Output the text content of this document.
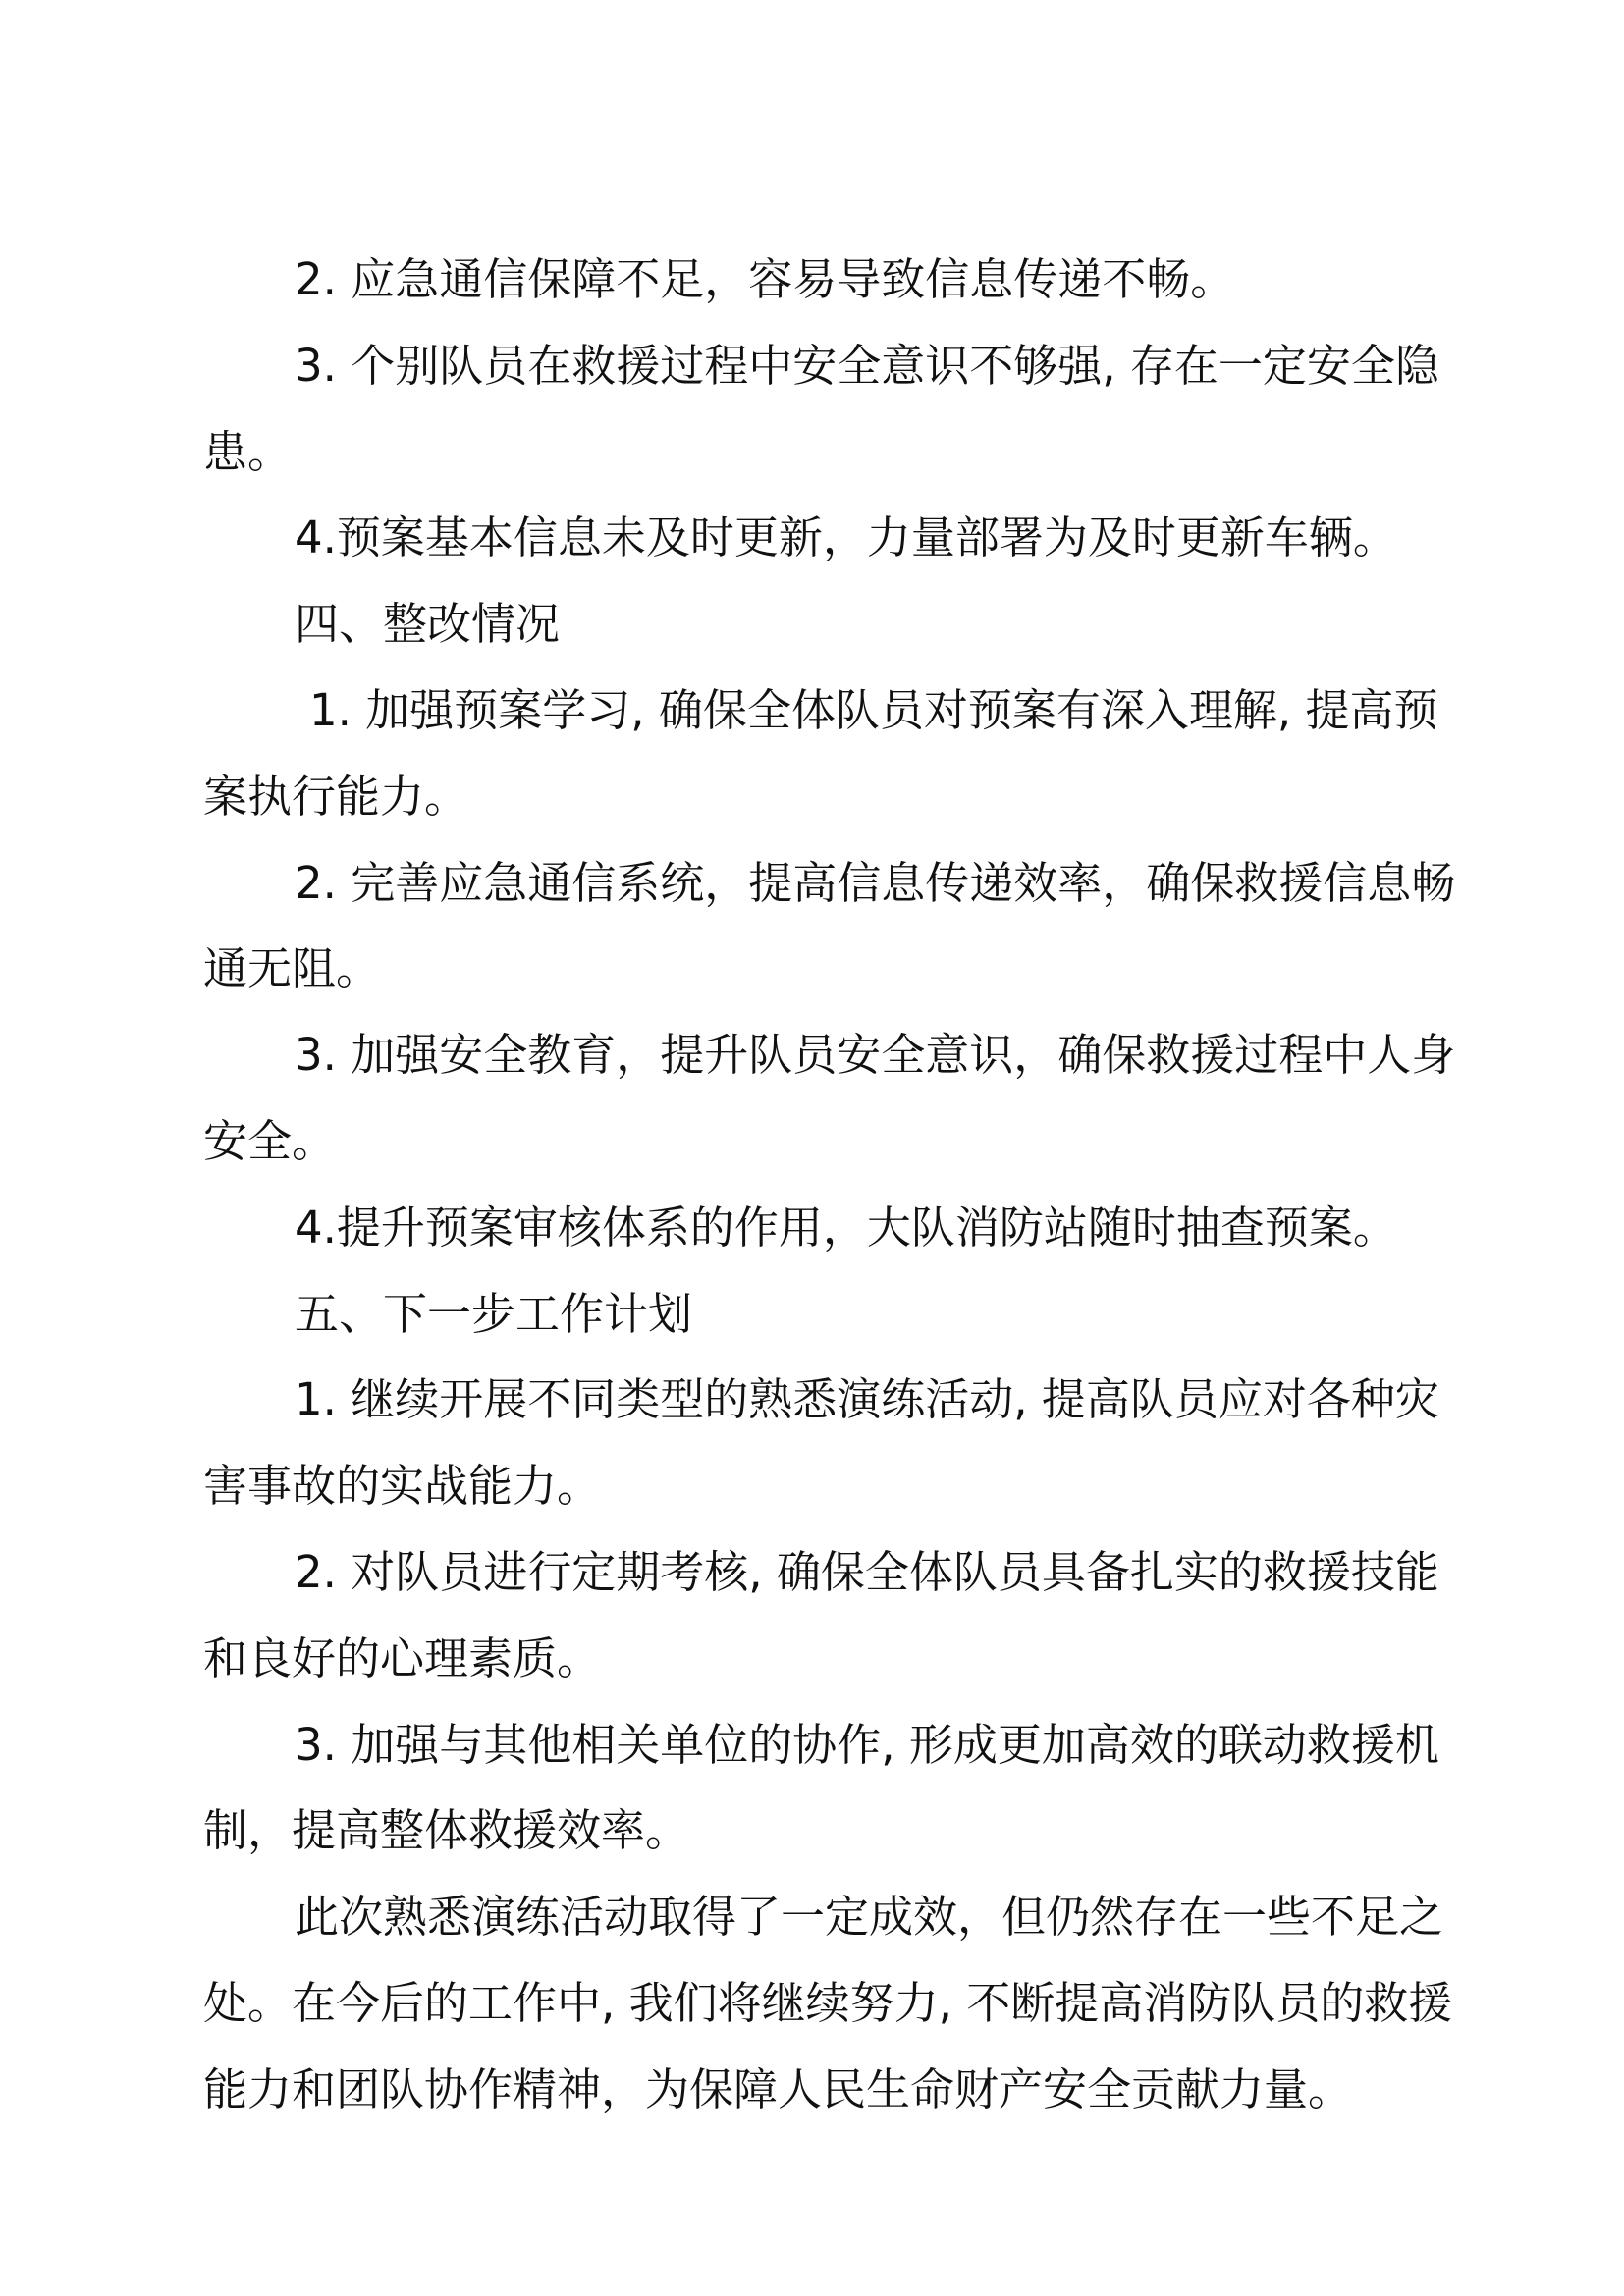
2. 应急通信保障不足，容易导致信息传递不畅。
3. 个别队员在救援过程中安全意识不够强, 存在一定安全隐
患。
4.预案基本信息未及时更新，力量部署为及时更新车辆。
四、整改情况
1. 加强预案学习, 确保全体队员对预案有深入理解, 提高预
案执行能力。
2. 完善应急通信系统，提高信息传递效率，确保救援信息畅
通无阻。
3. 加强安全教育，提升队员安全意识，确保救援过程中人身
安全。
4.提升预案审核体系的作用，大队消防站随时抽查预案。
五、下一步工作计划
1. 继续开展不同类型的熟悉演练活动, 提高队员应对各种灾
害事故的实战能力。
2. 对队员进行定期考核, 确保全体队员具备扎实的救援技能
和良好的心理素质。
3. 加强与其他相关单位的协作, 形成更加高效的联动救援机
制，提高整体救援效率。
此次熟悉演练活动取得了一定成效，但仍然存在一些不足之
处。在今后的工作中, 我们将继续努力, 不断提高消防队员的救援
能力和团队协作精神，为保障人民生命财产安全贡献力量。
